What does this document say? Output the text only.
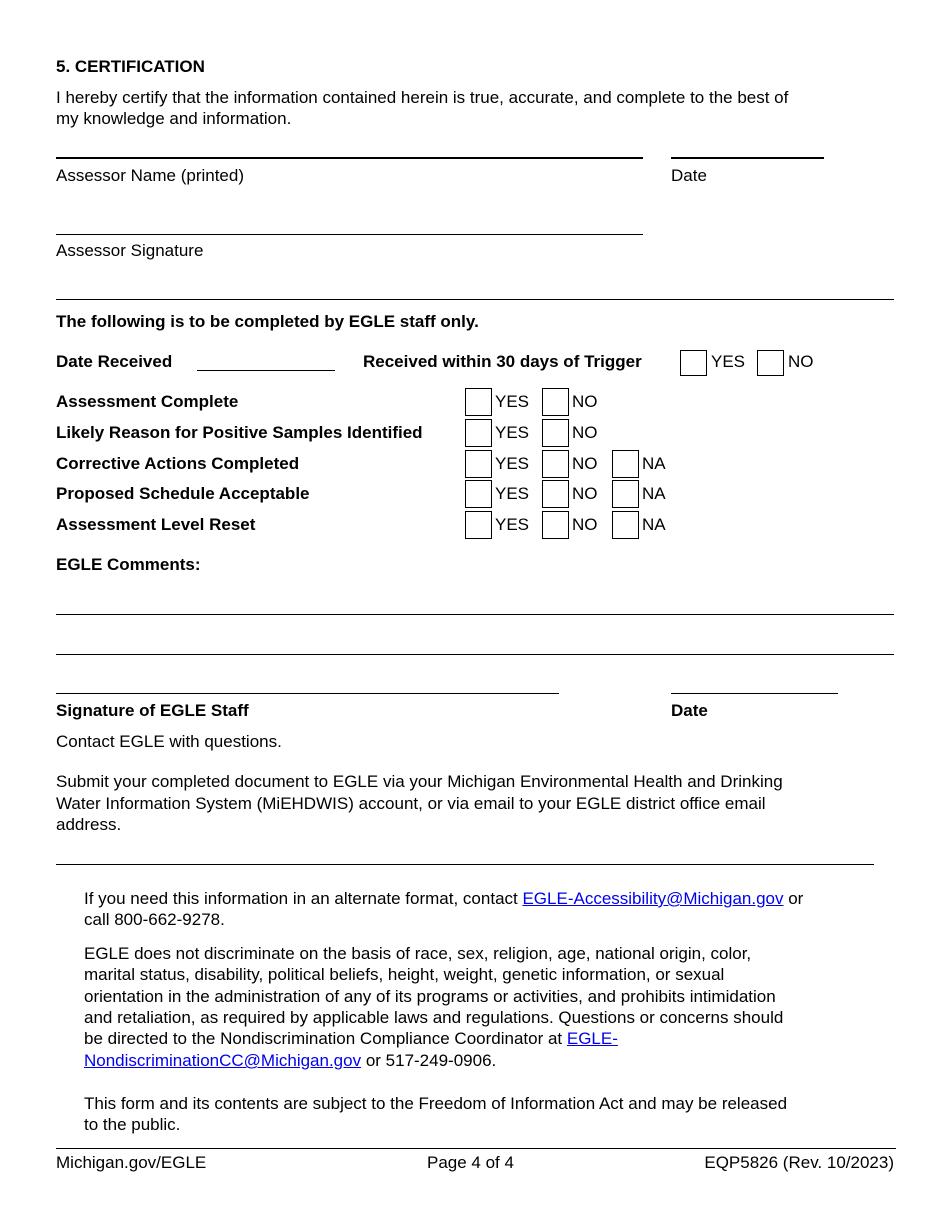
5. CERTIFICATION
I hereby certify that the information contained herein is true, accurate, and complete to the best of
my knowledge and information.
Assessor Name (printed)	Date
Assessor Signature
The following is to be completed by EGLE staff only.
Date Received	Received within 30 days of Trigger	YES	NO
Assessment Complete	YES	NO
Likely Reason for Positive Samples Identified	YES	NO
Corrective Actions Completed	YES	NO	NA
Proposed Schedule Acceptable	YES	NO	NA
Assessment Level Reset	YES	NO	NA
EGLE Comments:
Signature of EGLE Staff	Date
Contact EGLE with questions.
Submit your completed document to EGLE via your Michigan Environmental Health and Drinking
Water Information System (MiEHDWIS) account, or via email to your EGLE district office email
address.
If you need this information in an alternate format, contact EGLE-Accessibility@Michigan.gov or
call 800-662-9278.
EGLE does not discriminate on the basis of race, sex, religion, age, national origin, color,
marital status, disability, political beliefs, height, weight, genetic information, or sexual
orientation in the administration of any of its programs or activities, and prohibits intimidation
and retaliation, as required by applicable laws and regulations. Questions or concerns should
be directed to the Nondiscrimination Compliance Coordinator at EGLE-
NondiscriminationCC@Michigan.gov or 517-249-0906.
This form and its contents are subject to the Freedom of Information Act and may be released
to the public.
Michigan.gov/EGLE	Page 4 of 4	EQP5826 (Rev. 10/2023)
